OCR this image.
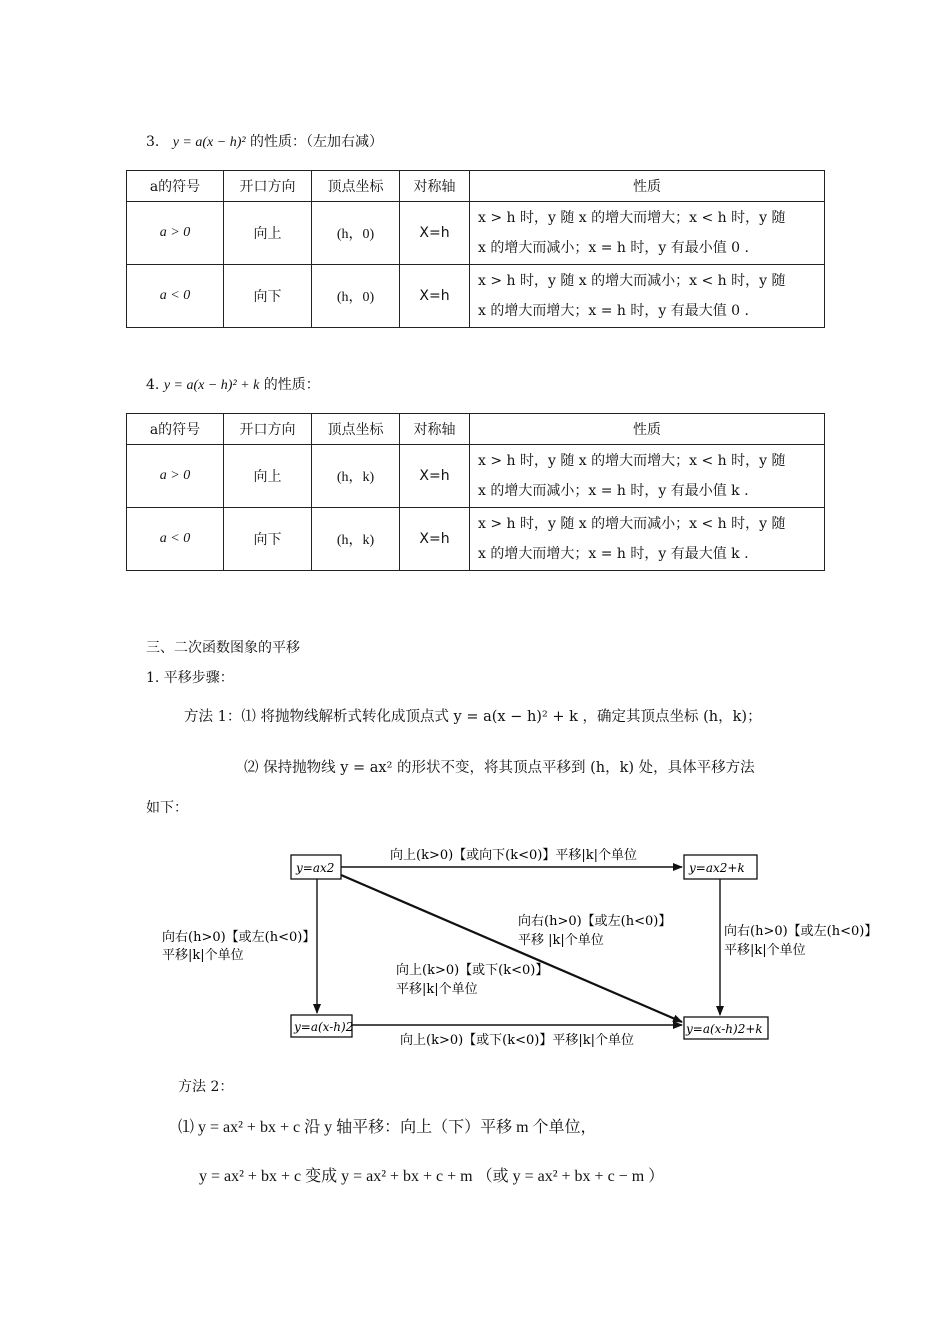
3. y = a(x − h)² 的性质：（左加右减）
a的符号	开口方向	顶点坐标	对称轴	性质
a > 0	向上	(h，0)	X=h	x > h 时，y 随 x 的增大而增大；x < h 时，y 随
x 的增大而减小；x = h 时，y 有最小值 0 .

a < 0	向下	(h，0)	X=h	x > h 时，y 随 x 的增大而减小；x < h 时，y 随
x 的增大而增大；x = h 时，y 有最大值 0 .
4. y = a(x − h)² + k 的性质：
a的符号	开口方向	顶点坐标	对称轴	性质
a > 0	向上	(h，k)	X=h	x > h 时，y 随 x 的增大而增大；x < h 时，y 随
x 的增大而减小；x = h 时，y 有最小值 k .

a < 0	向下	(h，k)	X=h	x > h 时，y 随 x 的增大而减小；x < h 时，y 随
x 的增大而增大；x = h 时，y 有最大值 k .
三、二次函数图象的平移
1. 平移步骤：
方法 1：⑴ 将抛物线解析式转化成顶点式 y = a(x − h)² + k ，确定其顶点坐标 (h，k)；
⑵ 保持抛物线 y = ax² 的形状不变，将其顶点平移到 (h，k) 处，具体平移方法
如下：
y=ax2	y=ax2+k
y=a(x-h)2	y=a(x-h)2+k
向上(k>0)【或向下(k<0)】平移|k|个单位
向上(k>0)【或下(k<0)】平移|k|个单位
向右(h>0)【或左(h<0)】
平移|k|个单位
向右(h>0)【或左(h<0)】
平移|k|个单位
向右(h>0)【或左(h<0)】
平移 |k|个单位
向上(k>0)【或下(k<0)】
平移|k|个单位
方法 2：
⑴ y = ax² + bx + c 沿 y 轴平移：向上（下）平移 m 个单位，
y = ax² + bx + c 变成 y = ax² + bx + c + m （或 y = ax² + bx + c − m ）
